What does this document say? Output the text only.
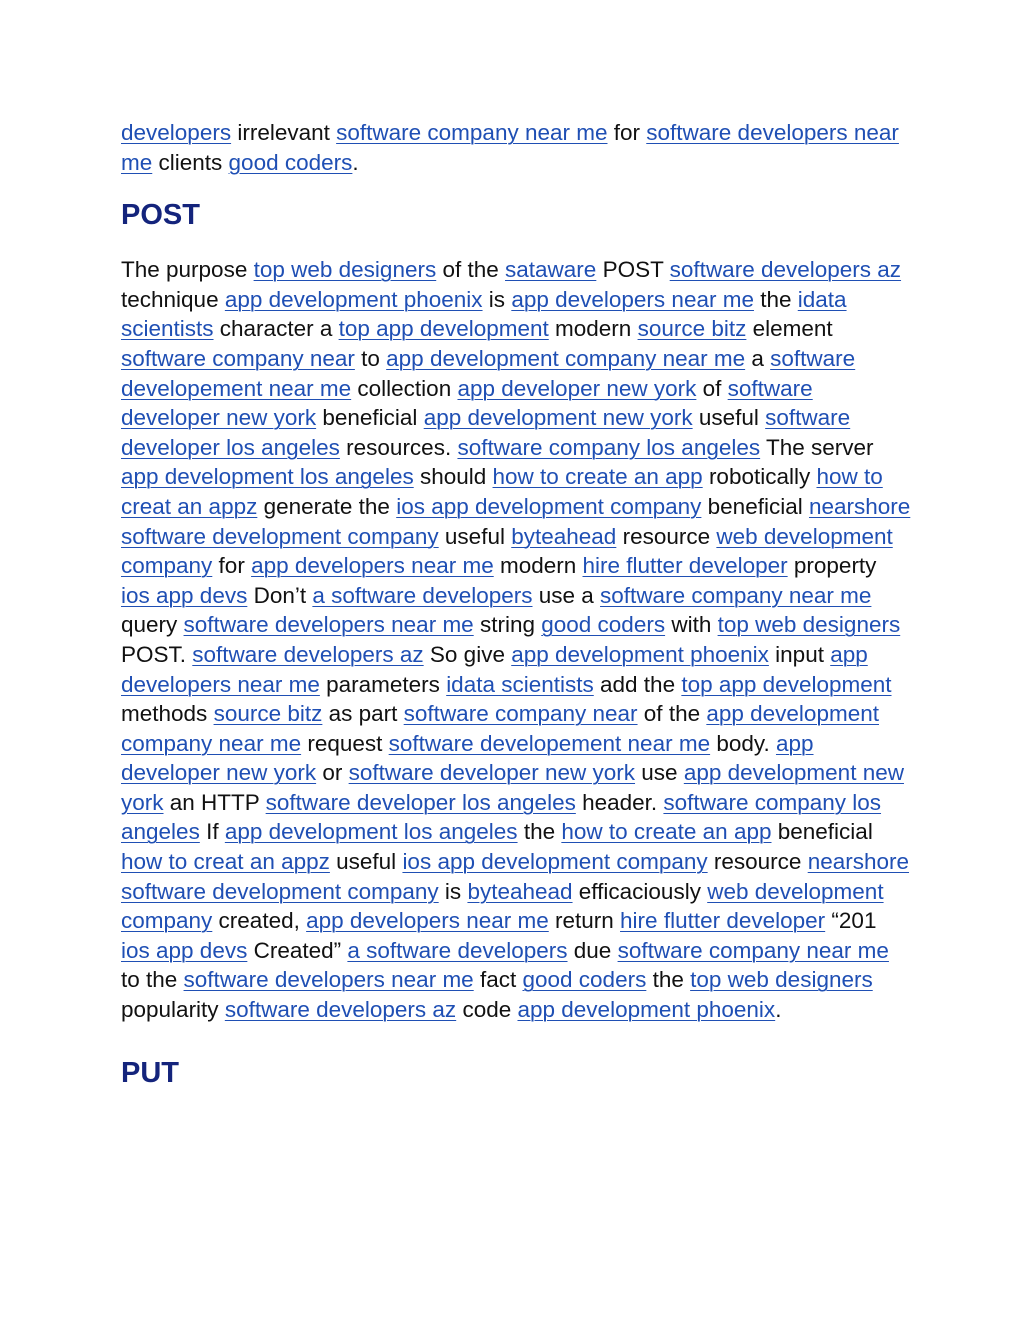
developers irrelevant software company near me for software developers near me clients good coders.

POST

The purpose top web designers of the sataware POST software developers az technique app development phoenix is app developers near me the idata scientists character a top app development modern source bitz element software company near to app development company near me a software developement near me collection app developer new york of software developer new york beneficial app development new york useful software developer los angeles resources. software company los angeles The server app development los angeles should how to create an app robotically how to creat an appz generate the ios app development company beneficial nearshore software development company useful byteahead resource web development company for app developers near me modern hire flutter developer property ios app devs Don’t a software developers use a software company near me query software developers near me string good coders with top web designers POST. software developers az So give app development phoenix input app developers near me parameters idata scientists add the top app development methods source bitz as part software company near of the app development company near me request software developement near me body. app developer new york or software developer new york use app development new york an HTTP software developer los angeles header. software company los angeles If app development los angeles the how to create an app beneficial how to creat an appz useful ios app development company resource nearshore software development company is byteahead efficaciously web development company created, app developers near me return hire flutter developer “201 ios app devs Created” a software developers due software company near me to the software developers near me fact good coders the top web designers popularity software developers az code app development phoenix.

PUT
